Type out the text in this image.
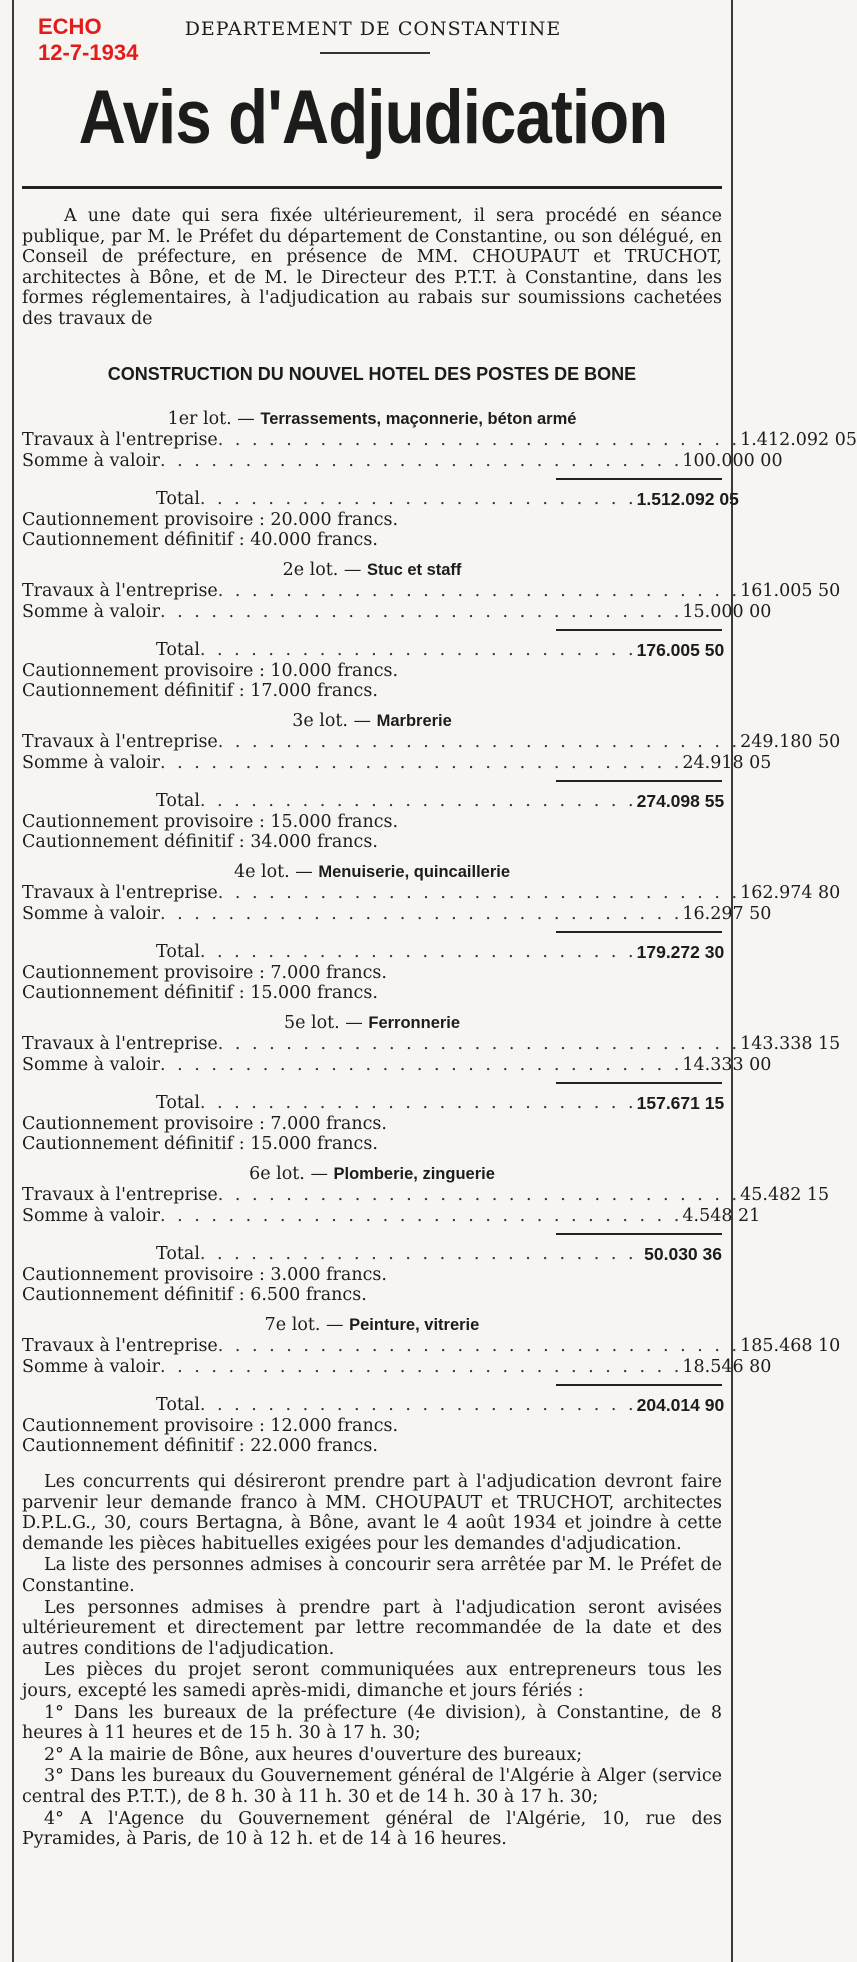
ECHO
12-7-1934
DEPARTEMENT DE CONSTANTINE
Avis d'Adjudication
A une date qui sera fixée ultérieurement, il sera procédé en séance publique, par M. le Préfet du département de Constantine, ou son délégué, en Conseil de préfecture, en présence de MM. CHOUPAUT et TRUCHOT, architectes à Bône, et de M. le Directeur des P.T.T. à Constantine, dans les formes réglementaires, à l'adjudication au rabais sur soumissions cachetées des travaux de
CONSTRUCTION DU NOUVEL HOTEL DES POSTES DE BONE
1er lot. — Terrassements, maçonnerie, béton armé
Travaux à l'entreprise . . . . . . . . . . . . . . . . . . . . . . . . . . . . . . . 1.412.092 05
Somme à valoir . . . . . . . . . . . . . . . . . . . . . . . . . . . . . . . 100.000 00
Total . . . . . . . . . . . . . . . . . . . . . . . . . . 1.512.092 05
Cautionnement provisoire : 20.000 francs.
Cautionnement définitif : 40.000 francs.
2e lot. — Stuc et staff
Travaux à l'entreprise . . . . . . . . . . . . . . . . . . . . . . . . . . . . . . . 161.005 50
Somme à valoir . . . . . . . . . . . . . . . . . . . . . . . . . . . . . . . 15.000 00
Total . . . . . . . . . . . . . . . . . . . . . . . . . . 176.005 50
Cautionnement provisoire : 10.000 francs.
Cautionnement définitif : 17.000 francs.
3e lot. — Marbrerie
Travaux à l'entreprise . . . . . . . . . . . . . . . . . . . . . . . . . . . . . . . 249.180 50
Somme à valoir . . . . . . . . . . . . . . . . . . . . . . . . . . . . . . . 24.918 05
Total . . . . . . . . . . . . . . . . . . . . . . . . . . 274.098 55
Cautionnement provisoire : 15.000 francs.
Cautionnement définitif : 34.000 francs.
4e lot. — Menuiserie, quincaillerie
Travaux à l'entreprise . . . . . . . . . . . . . . . . . . . . . . . . . . . . . . . 162.974 80
Somme à valoir . . . . . . . . . . . . . . . . . . . . . . . . . . . . . . . 16.297 50
Total . . . . . . . . . . . . . . . . . . . . . . . . . . 179.272 30
Cautionnement provisoire : 7.000 francs.
Cautionnement définitif : 15.000 francs.
5e lot. — Ferronnerie
Travaux à l'entreprise . . . . . . . . . . . . . . . . . . . . . . . . . . . . . . . 143.338 15
Somme à valoir . . . . . . . . . . . . . . . . . . . . . . . . . . . . . . . 14.333 00
Total . . . . . . . . . . . . . . . . . . . . . . . . . . 157.671 15
Cautionnement provisoire : 7.000 francs.
Cautionnement définitif : 15.000 francs.
6e lot. — Plomberie, zinguerie
Travaux à l'entreprise . . . . . . . . . . . . . . . . . . . . . . . . . . . . . . . 45.482 15
Somme à valoir . . . . . . . . . . . . . . . . . . . . . . . . . . . . . . . 4.548 21
Total . . . . . . . . . . . . . . . . . . . . . . . . . . 50.030 36
Cautionnement provisoire : 3.000 francs.
Cautionnement définitif : 6.500 francs.
7e lot. — Peinture, vitrerie
Travaux à l'entreprise . . . . . . . . . . . . . . . . . . . . . . . . . . . . . . . 185.468 10
Somme à valoir . . . . . . . . . . . . . . . . . . . . . . . . . . . . . . . 18.546 80
Total . . . . . . . . . . . . . . . . . . . . . . . . . . 204.014 90
Cautionnement provisoire : 12.000 francs.
Cautionnement définitif : 22.000 francs.

Les concurrents qui désireront prendre part à l'adjudication devront faire parvenir leur demande franco à MM. CHOUPAUT et TRUCHOT, architectes D.P.L.G., 30, cours Bertagna, à Bône, avant le 4 août 1934 et joindre à cette demande les pièces habituelles exigées pour les demandes d'adjudication.

La liste des personnes admises à concourir sera arrêtée par M. le Préfet de Constantine.

Les personnes admises à prendre part à l'adjudication seront avisées ultérieurement et directement par lettre recommandée de la date et des autres conditions de l'adjudication.

Les pièces du projet seront communiquées aux entrepreneurs tous les jours, excepté les samedi après-midi, dimanche et jours fériés :

1° Dans les bureaux de la préfecture (4e division), à Constantine, de 8 heures à 11 heures et de 15 h. 30 à 17 h. 30;

2° A la mairie de Bône, aux heures d'ouverture des bureaux;

3° Dans les bureaux du Gouvernement général de l'Algérie à Alger (service central des P.T.T.), de 8 h. 30 à 11 h. 30 et de 14 h. 30 à 17 h. 30;

4° A l'Agence du Gouvernement général de l'Algérie, 10, rue des Pyramides, à Paris, de 10 à 12 h. et de 14 à 16 heures.
